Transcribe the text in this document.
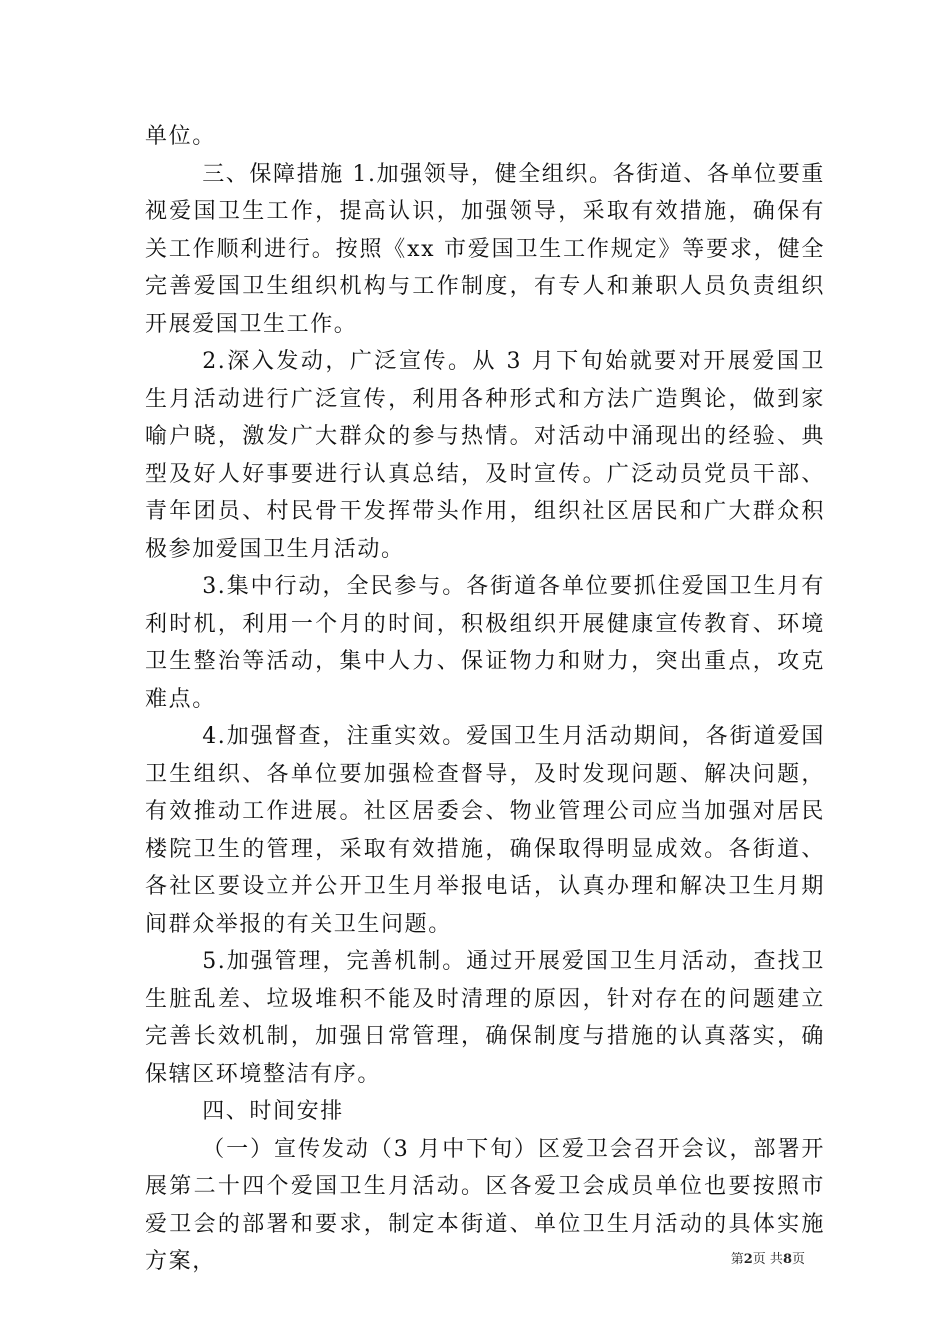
单位。

三、保障措施 1.加强领导，健全组织。各街道、各单位要重视爱国卫生工作，提高认识，加强领导，采取有效措施，确保有关工作顺利进行。按照《xx 市爱国卫生工作规定》等要求，健全完善爱国卫生组织机构与工作制度，有专人和兼职人员负责组织开展爱国卫生工作。

2.深入发动，广泛宣传。从 3 月下旬始就要对开展爱国卫生月活动进行广泛宣传，利用各种形式和方法广造舆论，做到家喻户晓，激发广大群众的参与热情。对活动中涌现出的经验、典型及好人好事要进行认真总结，及时宣传。广泛动员党员干部、青年团员、村民骨干发挥带头作用，组织社区居民和广大群众积极参加爱国卫生月活动。

3.集中行动，全民参与。各街道各单位要抓住爱国卫生月有利时机，利用一个月的时间，积极组织开展健康宣传教育、环境卫生整治等活动，集中人力、保证物力和财力，突出重点，攻克难点。

4.加强督查，注重实效。爱国卫生月活动期间，各街道爱国卫生组织、各单位要加强检查督导，及时发现问题、解决问题，有效推动工作进展。社区居委会、物业管理公司应当加强对居民楼院卫生的管理，采取有效措施，确保取得明显成效。各街道、各社区要设立并公开卫生月举报电话，认真办理和解决卫生月期间群众举报的有关卫生问题。

5.加强管理，完善机制。通过开展爱国卫生月活动，查找卫生脏乱差、垃圾堆积不能及时清理的原因，针对存在的问题建立完善长效机制，加强日常管理，确保制度与措施的认真落实，确保辖区环境整洁有序。

四、时间安排

（一）宣传发动（3 月中下旬）区爱卫会召开会议，部署开展第二十四个爱国卫生月活动。区各爱卫会成员单位也要按照市爱卫会的部署和要求，制定本街道、单位卫生月活动的具体实施方案，	第2页 共8页
